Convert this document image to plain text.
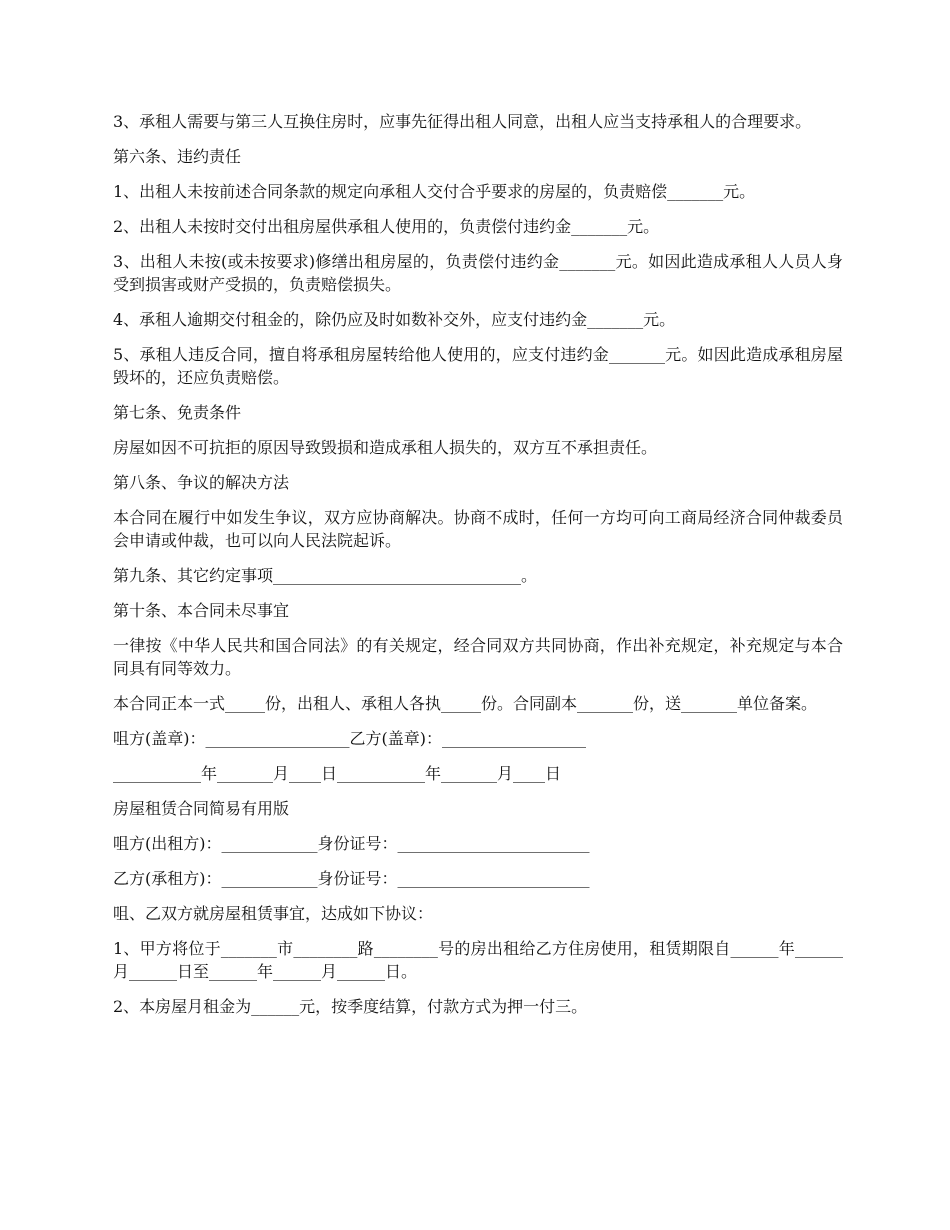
3、承租人需要与第三人互换住房时，应事先征得出租人同意，出租人应当支持承租人的合理要求。

第六条、违约责任

1、出租人未按前述合同条款的规定向承租人交付合乎要求的房屋的，负责赔偿_______元。

2、出租人未按时交付出租房屋供承租人使用的，负责偿付违约金_______元。

3、出租人未按(或未按要求)修缮出租房屋的，负责偿付违约金_______元。如因此造成承租人人员人身受到损害或财产受损的，负责赔偿损失。

4、承租人逾期交付租金的，除仍应及时如数补交外，应支付违约金_______元。

5、承租人违反合同，擅自将承租房屋转给他人使用的，应支付违约金_______元。如因此造成承租房屋毁坏的，还应负责赔偿。

第七条、免责条件

房屋如因不可抗拒的原因导致毁损和造成承租人损失的，双方互不承担责任。

第八条、争议的解决方法

本合同在履行中如发生争议，双方应协商解决。协商不成时，任何一方均可向工商局经济合同仲裁委员会申请或仲裁，也可以向人民法院起诉。

第九条、其它约定事项_______________________________。

第十条、本合同未尽事宜

一律按《中华人民共和国合同法》的有关规定，经合同双方共同协商，作出补充规定，补充规定与本合同具有同等效力。

本合同正本一式_____份，出租人、承租人各执_____份。合同副本_______份，送_______单位备案。

咀方(盖章)：__________________乙方(盖章)：__________________

___________年_______月____日___________年_______月____日

房屋租赁合同简易有用版

咀方(出租方)：____________身份证号：________________________

乙方(承租方)：____________身份证号：________________________

咀、乙双方就房屋租赁事宜，达成如下协议：

1、甲方将位于_______市________路________号的房出租给乙方住房使用，租赁期限自______年______月______日至______年______月______日。

2、本房屋月租金为______元，按季度结算，付款方式为押一付三。
